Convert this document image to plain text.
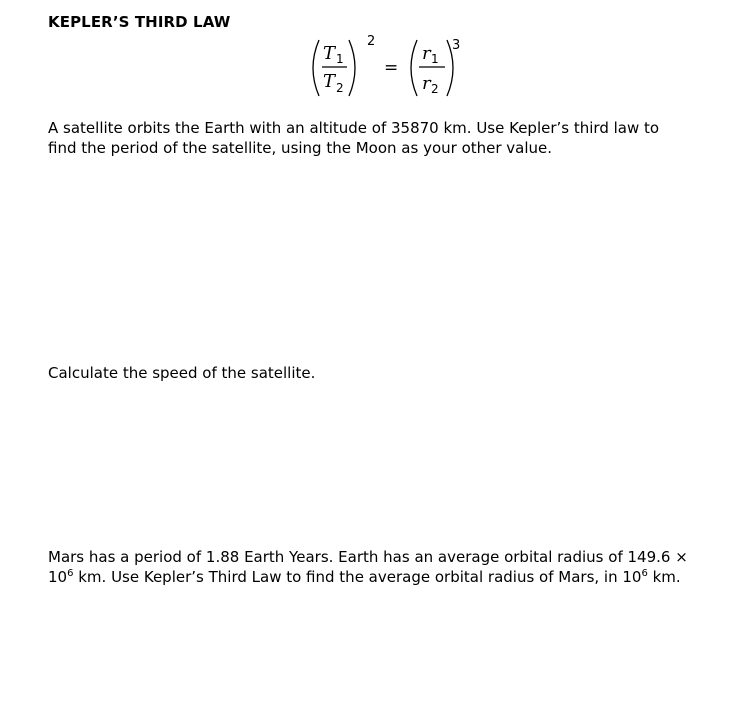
KEPLER’S THIRD LAW
T 1
T 2
2
=
r 1
r 2
3
A satellite orbits the Earth with an altitude of 35870 km. Use Kepler’s third law to
find the period of the satellite, using the Moon as your other value.
Calculate the speed of the satellite.
Mars has a period of 1.88 Earth Years. Earth has an average orbital radius of 149.6 ×
$10^6$ km. Use Kepler’s Third Law to find the average orbital radius of Mars, in $10^6$ km.
